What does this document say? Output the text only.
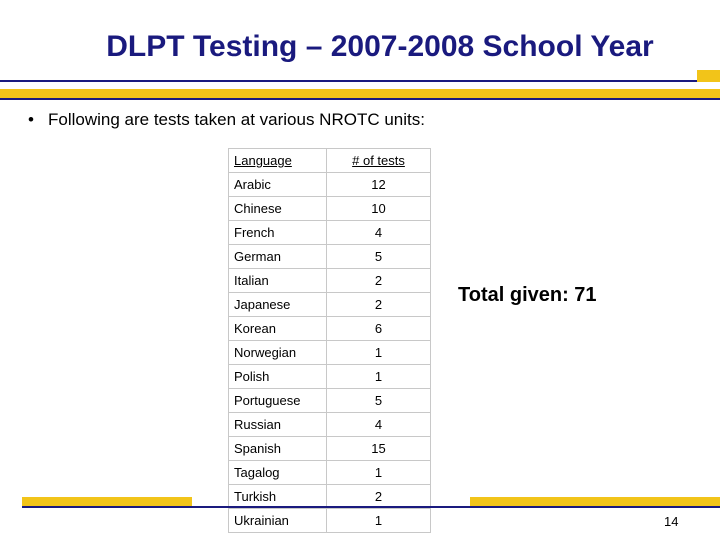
DLPT Testing – 2007-2008 School Year
• Following are tests taken at various NROTC units:
Language	# of tests
Arabic	12
Chinese	10
French	4
German	5
Italian	2
Japanese	2
Korean	6
Norwegian	1
Polish	1
Portuguese	5
Russian	4
Spanish	15
Tagalog	1
Turkish	2
Ukrainian	1
Total given: 71
14
